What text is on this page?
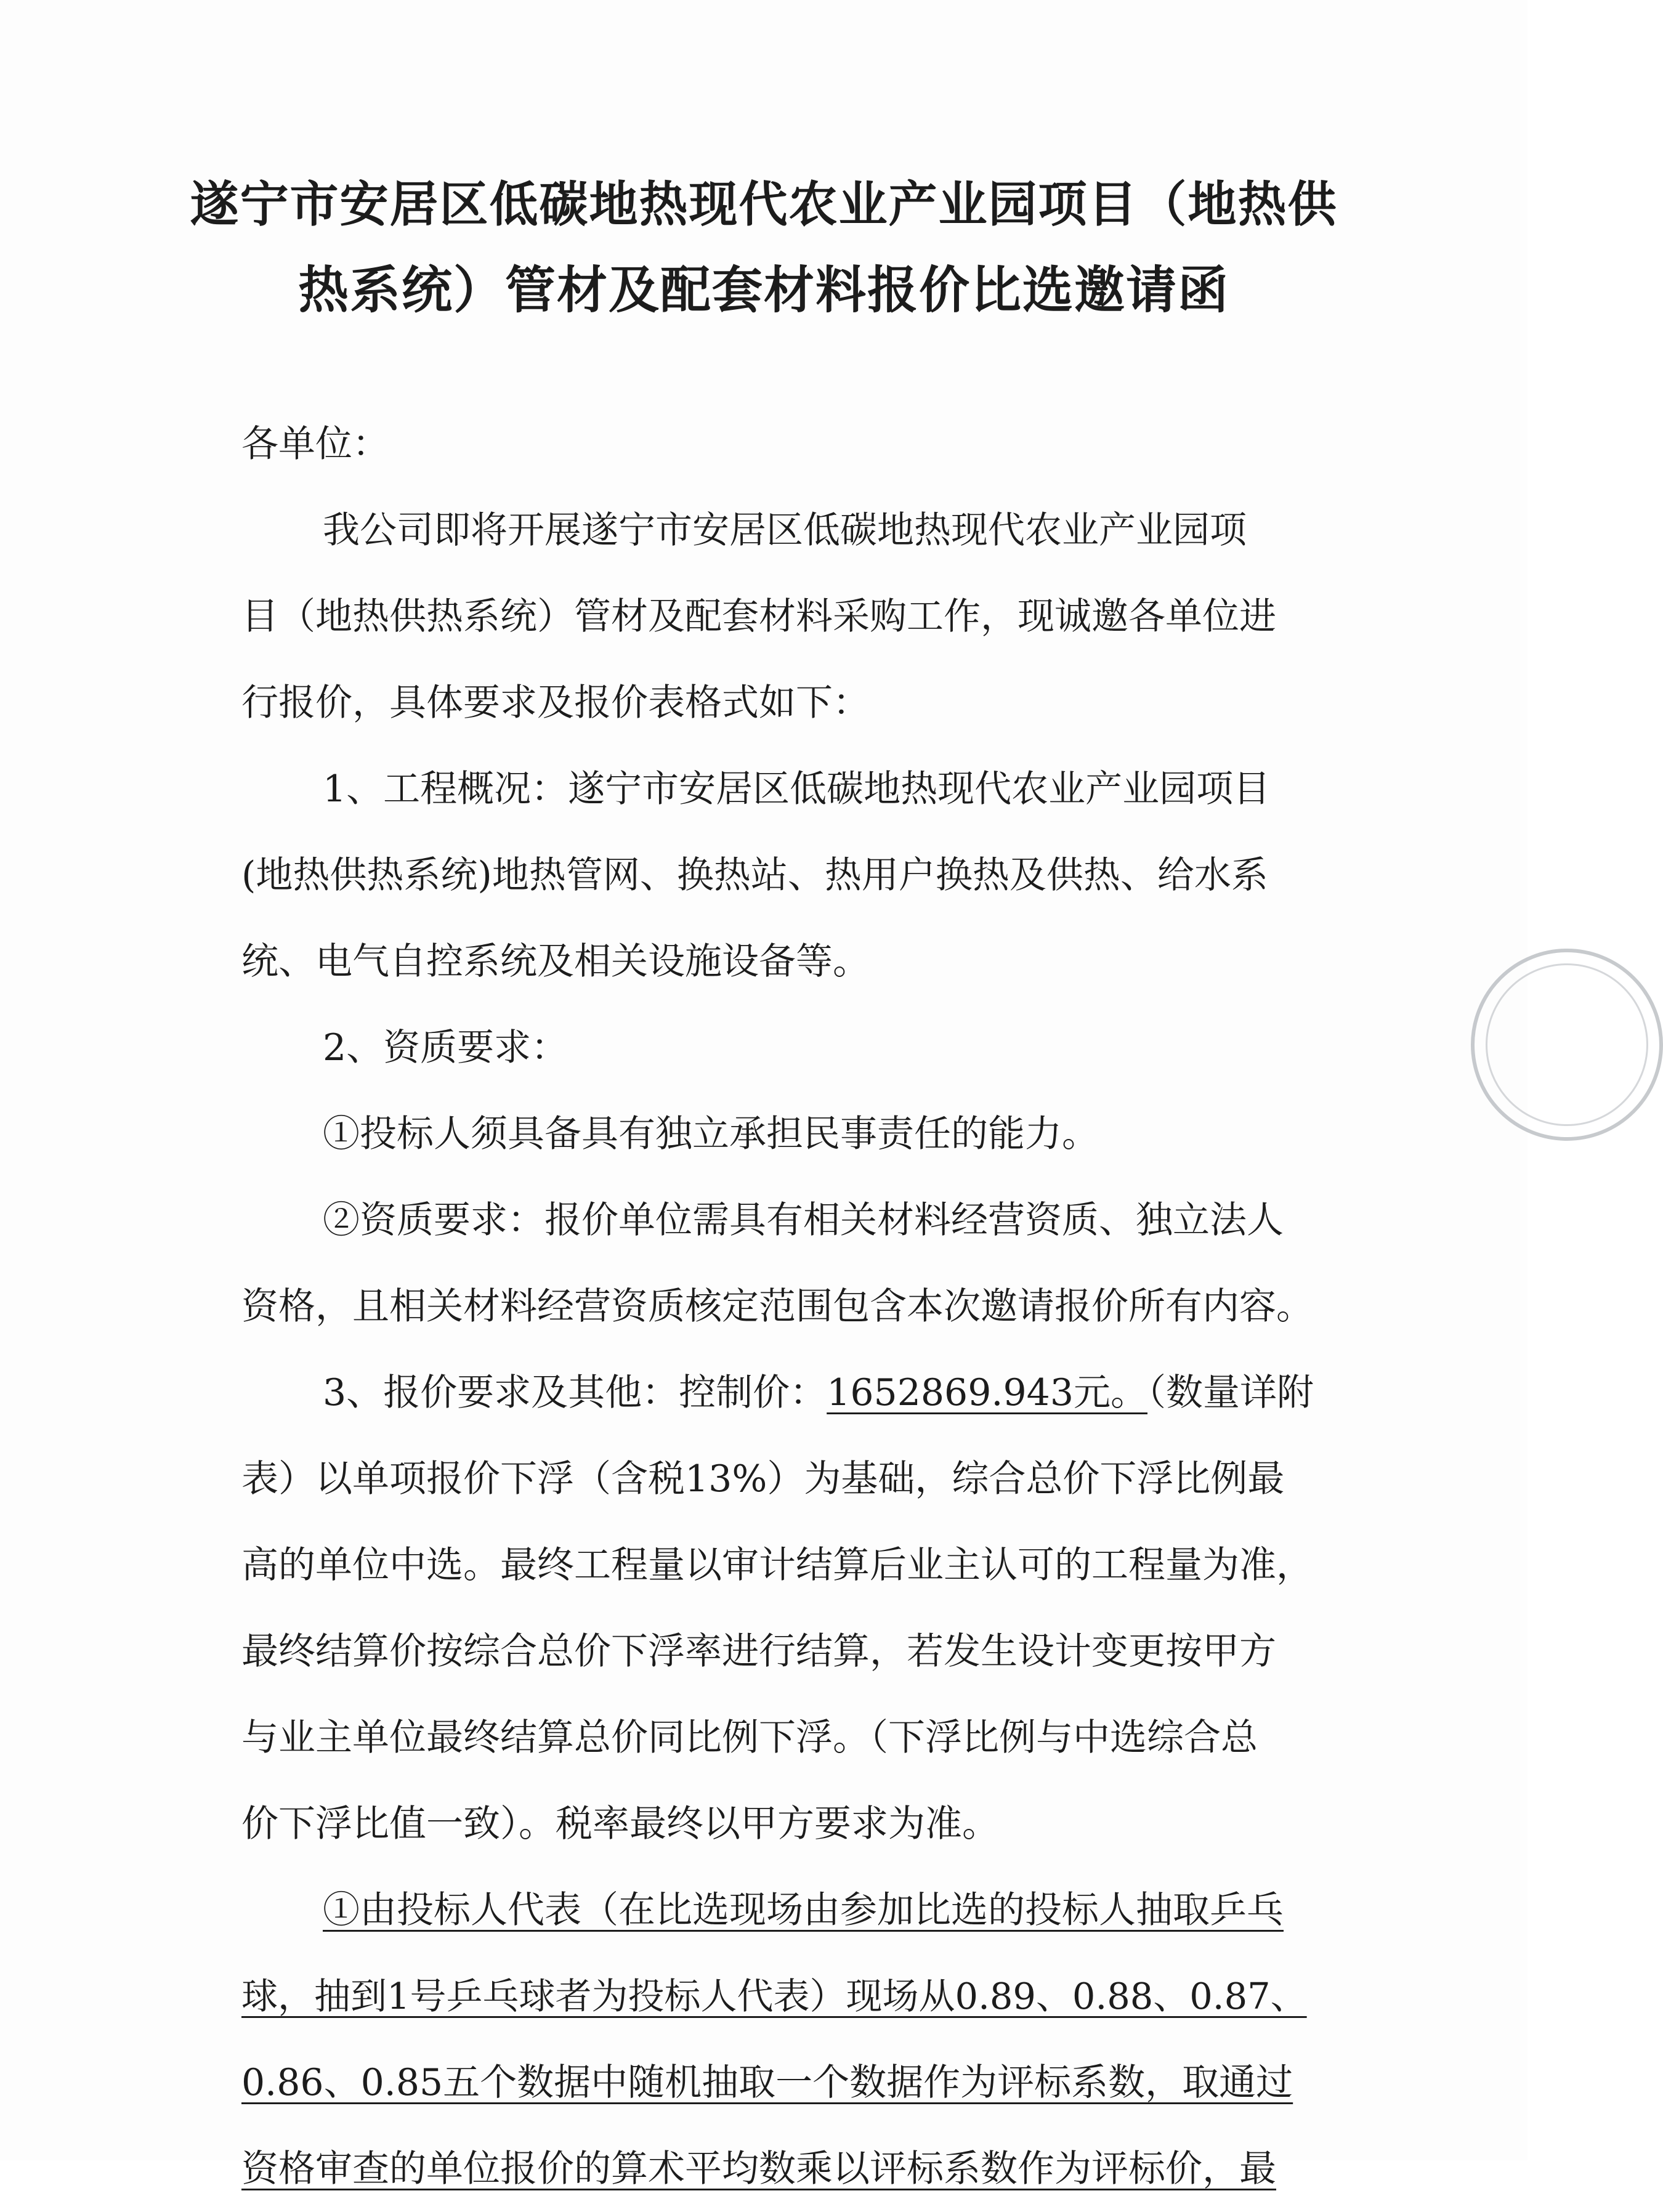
遂宁市安居区低碳地热现代农业产业园项目（地热供
热系统）管材及配套材料报价比选邀请函
各单位：
我公司即将开展遂宁市安居区低碳地热现代农业产业园项
目（地热供热系统）管材及配套材料采购工作，现诚邀各单位进
行报价，具体要求及报价表格式如下：
1、工程概况：遂宁市安居区低碳地热现代农业产业园项目
(地热供热系统)地热管网、换热站、热用户换热及供热、给水系
统、电气自控系统及相关设施设备等。
2、资质要求：
①投标人须具备具有独立承担民事责任的能力。
②资质要求：报价单位需具有相关材料经营资质、独立法人
资格，且相关材料经营资质核定范围包含本次邀请报价所有内容。
3、报价要求及其他：控制价：1652869.943元。（数量详附
表）以单项报价下浮（含税13%）为基础，综合总价下浮比例最
高的单位中选。最终工程量以审计结算后业主认可的工程量为准，
最终结算价按综合总价下浮率进行结算，若发生设计变更按甲方
与业主单位最终结算总价同比例下浮。（下浮比例与中选综合总
价下浮比值一致）。税率最终以甲方要求为准。
①由投标人代表（在比选现场由参加比选的投标人抽取乒乓
球，抽到1号乒乓球者为投标人代表）现场从0.89、0.88、0.87、
0.86、0.85五个数据中随机抽取一个数据作为评标系数，取通过
资格审查的单位报价的算术平均数乘以评标系数作为评标价，最
